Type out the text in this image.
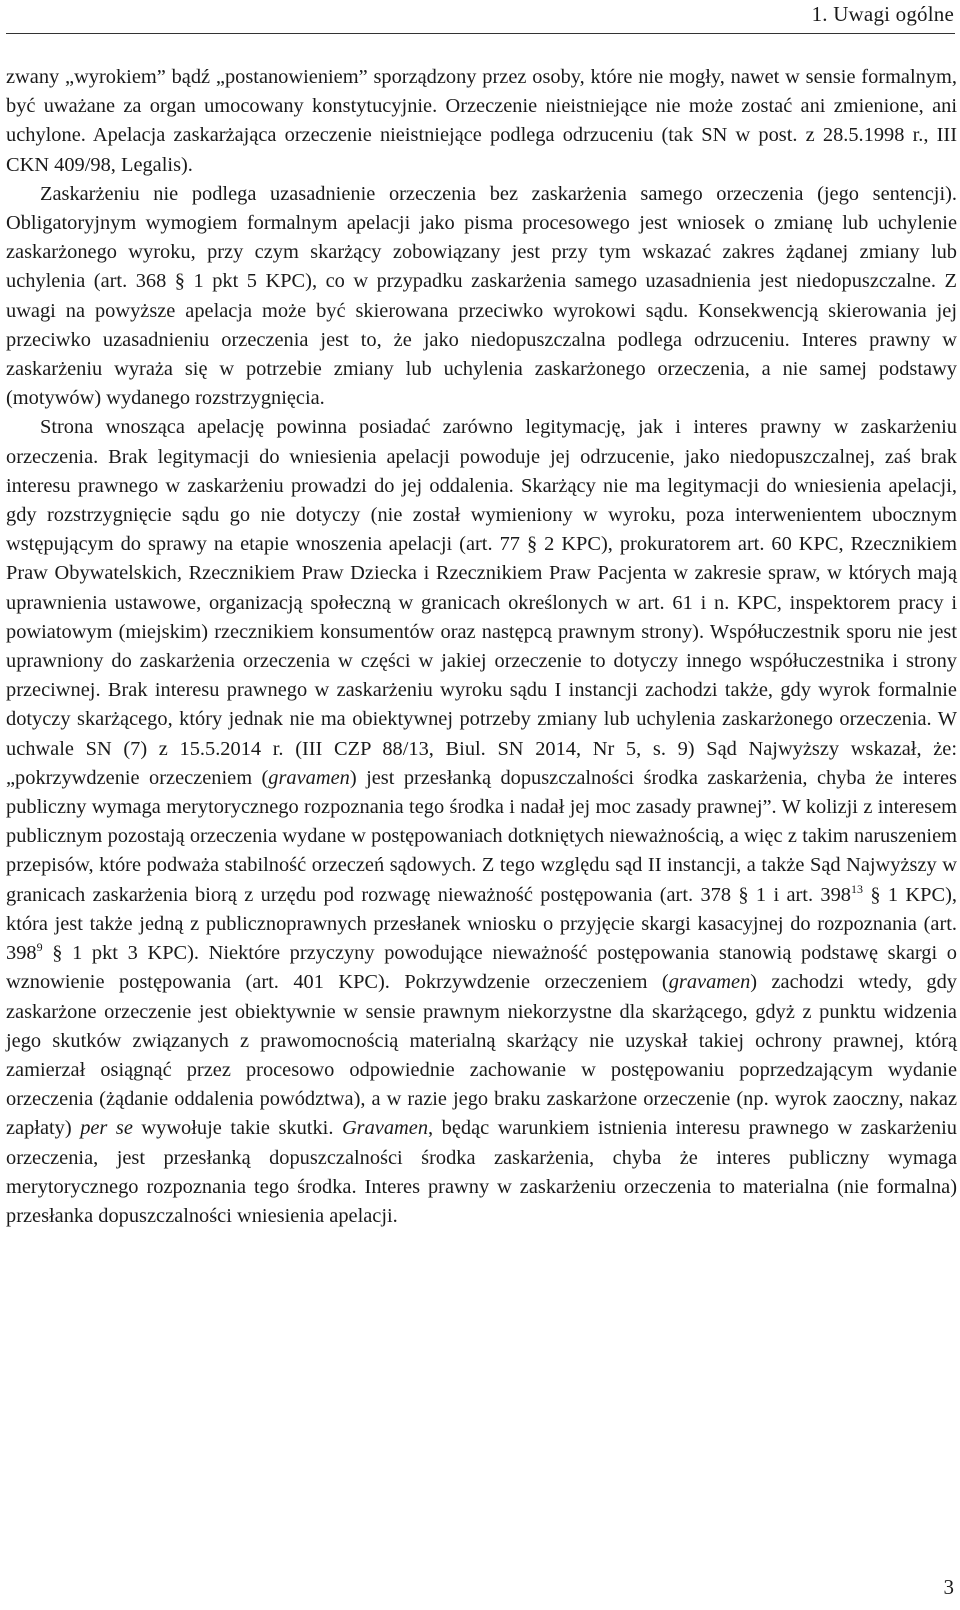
1. Uwagi ogólne

zwany „wyrokiem” bądź „postanowieniem” sporządzony przez osoby, które nie mogły, nawet w sensie formalnym, być uważane za organ umocowany konstytucyjnie. Orzeczenie nieistniejące nie może zostać ani zmienione, ani uchylone. Apelacja zaskarżająca orzeczenie nieistniejące podlega odrzuceniu (tak SN w post. z 28.5.1998 r., III CKN 409/98, Legalis).

Zaskarżeniu nie podlega uzasadnienie orzeczenia bez zaskarżenia samego orzeczenia (jego sentencji). Obligatoryjnym wymogiem formalnym apelacji jako pisma procesowego jest wniosek o zmianę lub uchylenie zaskarżonego wyroku, przy czym skarżący zobowiązany jest przy tym wskazać zakres żądanej zmiany lub uchylenia (art. 368 § 1 pkt 5 KPC), co w przypadku zaskarżenia samego uzasadnienia jest niedopuszczalne. Z uwagi na powyższe apelacja może być skierowana przeciwko wyrokowi sądu. Konsekwencją skierowania jej przeciwko uzasadnieniu orzeczenia jest to, że jako niedopuszczalna podlega odrzuceniu. Interes prawny w zaskarżeniu wyraża się w potrzebie zmiany lub uchylenia zaskarżonego orzeczenia, a nie samej podstawy (motywów) wydanego rozstrzygnięcia.

Strona wnosząca apelację powinna posiadać zarówno legitymację, jak i interes prawny w zaskarżeniu orzeczenia. Brak legitymacji do wniesienia apelacji powoduje jej odrzucenie, jako niedopuszczalnej, zaś brak interesu prawnego w zaskarżeniu prowadzi do jej oddalenia. Skarżący nie ma legitymacji do wniesienia apelacji, gdy rozstrzygnięcie sądu go nie dotyczy (nie został wymieniony w wyroku, poza interwenientem ubocznym wstępującym do sprawy na etapie wnoszenia apelacji (art. 77 § 2 KPC), prokuratorem art. 60 KPC, Rzecznikiem Praw Obywatelskich, Rzecznikiem Praw Dziecka i Rzecznikiem Praw Pacjenta w zakresie spraw, w których mają uprawnienia ustawowe, organizacją społeczną w granicach określonych w art. 61 i n. KPC, inspektorem pracy i powiatowym (miejskim) rzecznikiem konsumentów oraz następcą prawnym strony). Współuczestnik sporu nie jest uprawniony do zaskarżenia orzeczenia w części w jakiej orzeczenie to dotyczy innego współuczestnika i strony przeciwnej. Brak interesu prawnego w zaskarżeniu wyroku sądu I instancji zachodzi także, gdy wyrok formalnie dotyczy skarżącego, który jednak nie ma obiektywnej potrzeby zmiany lub uchylenia zaskarżonego orzeczenia. W uchwale SN (7) z 15.5.2014 r. (III CZP 88/13, Biul. SN 2014, Nr 5, s. 9) Sąd Najwyższy wskazał, że: „pokrzywdzenie orzeczeniem (gravamen) jest przesłanką dopuszczalności środka zaskarżenia, chyba że interes publiczny wymaga merytorycznego rozpoznania tego środka i nadał jej moc zasady prawnej”. W kolizji z interesem publicznym pozostają orzeczenia wydane w postępowaniach dotkniętych nieważnością, a więc z takim naruszeniem przepisów, które podważa stabilność orzeczeń sądowych. Z tego względu sąd II instancji, a także Sąd Najwyższy w granicach zaskarżenia biorą z urzędu pod rozwagę nieważność postępowania (art. 378 § 1 i art. $398^{13}$ § 1 KPC), która jest także jedną z publicznoprawnych przesłanek wniosku o przyjęcie skargi kasacyjnej do rozpoznania (art. $398^9$ § 1 pkt 3 KPC). Niektóre przyczyny powodujące nieważność postępowania stanowią podstawę skargi o wznowienie postępowania (art. 401 KPC). Pokrzywdzenie orzeczeniem (gravamen) zachodzi wtedy, gdy zaskarżone orzeczenie jest obiektywnie w sensie prawnym niekorzystne dla skarżącego, gdyż z punktu widzenia jego skutków związanych z prawomocnością materialną skarżący nie uzyskał takiej ochrony prawnej, którą zamierzał osiągnąć przez procesowo odpowiednie zachowanie w postępowaniu poprzedzającym wydanie orzeczenia (żądanie oddalenia powództwa), a w razie jego braku zaskarżone orzeczenie (np. wyrok zaoczny, nakaz zapłaty) per se wywołuje takie skutki. Gravamen, będąc warunkiem istnienia interesu prawnego w zaskarżeniu orzeczenia, jest przesłanką dopuszczalności środka zaskarżenia, chyba że interes publiczny wymaga merytorycznego rozpoznania tego środka. Interes prawny w zaskarżeniu orzeczenia to materialna (nie formalna) przesłanka dopuszczalności wniesienia apelacji.

3
